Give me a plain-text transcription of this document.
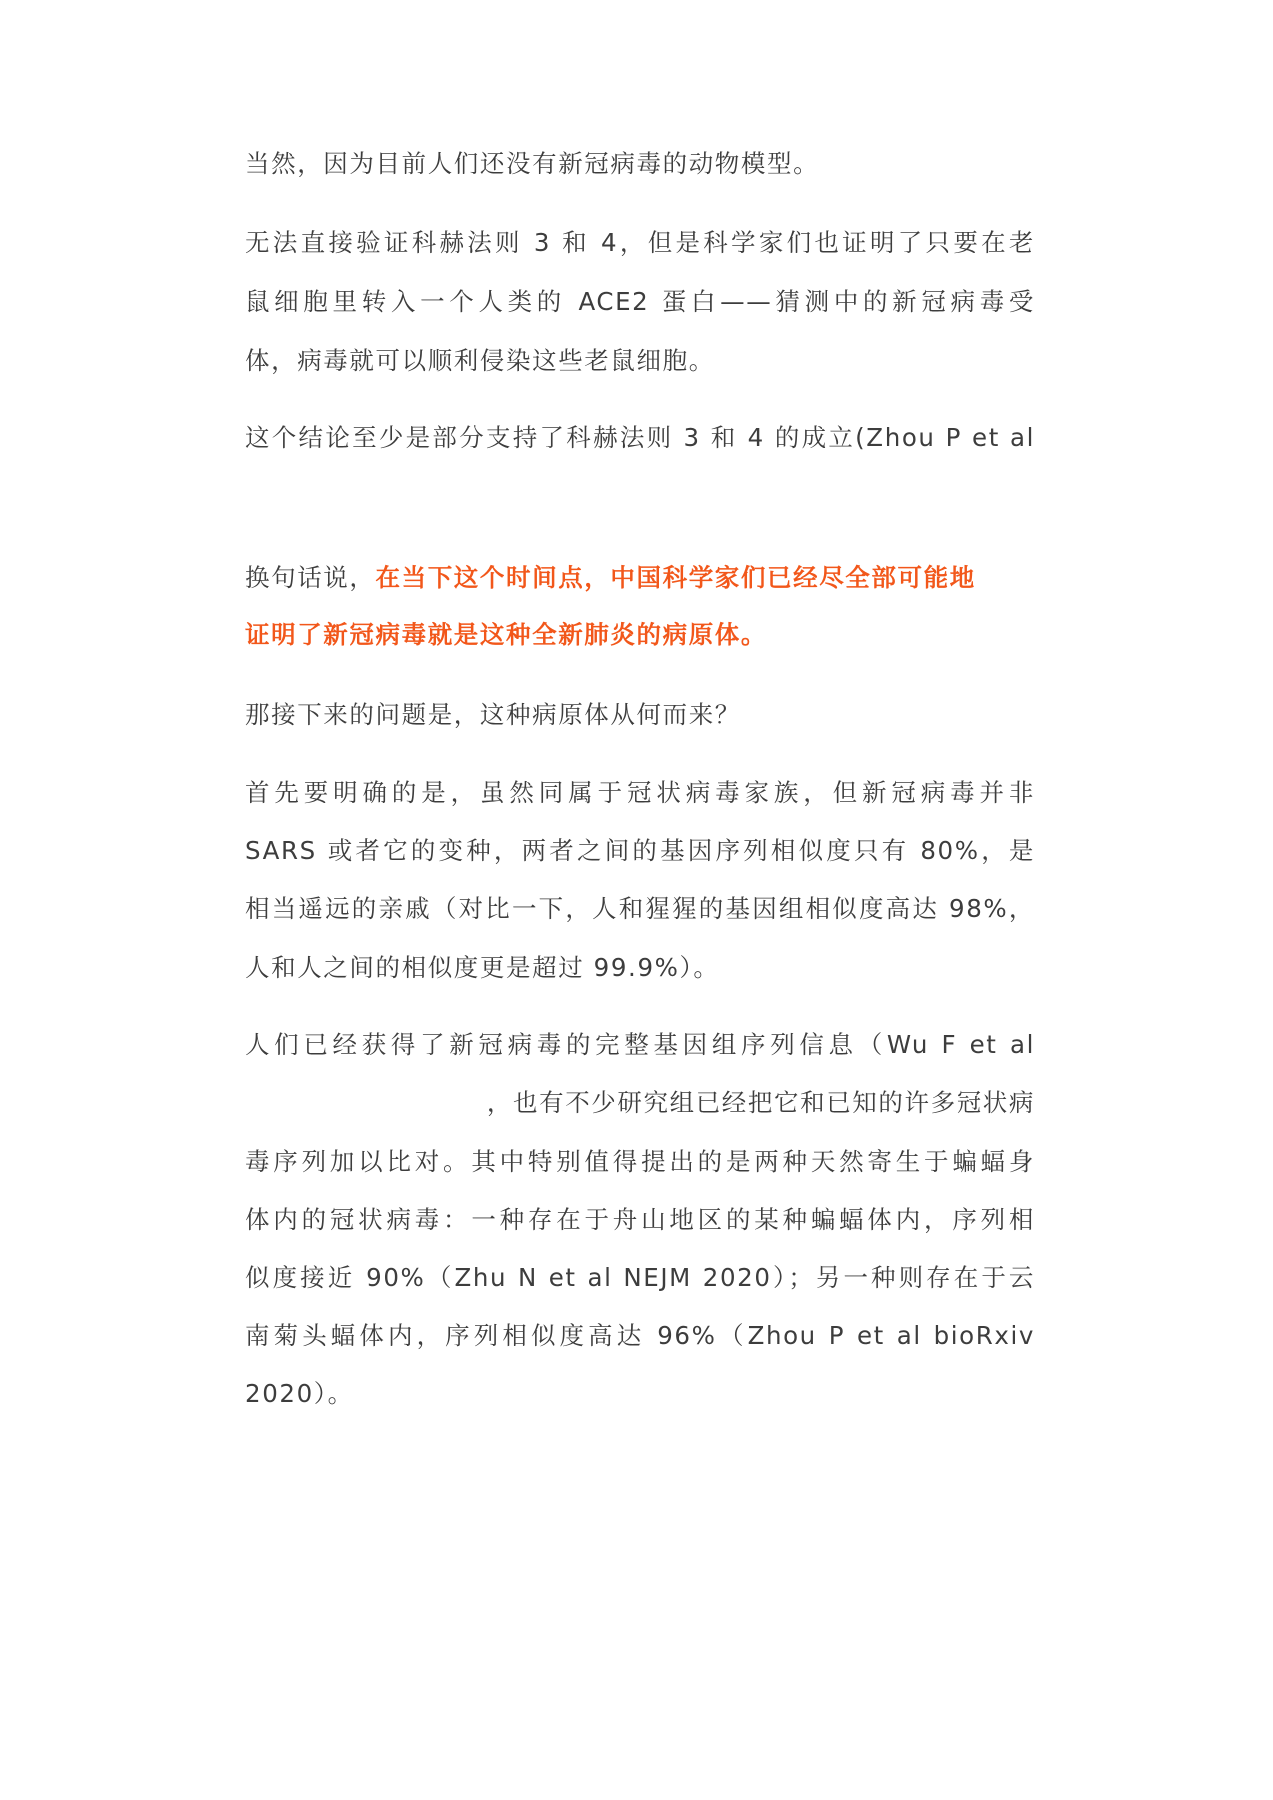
当然，因为目前人们还没有新冠病毒的动物模型。
无法直接验证科赫法则 3 和 4，但是科学家们也证明了只要在老
鼠细胞里转入一个人类的 ACE2 蛋白——猜测中的新冠病毒受
体，病毒就可以顺利侵染这些老鼠细胞。
这个结论至少是部分支持了科赫法则 3 和 4 的成立(Zhou P et al
换句话说，在当下这个时间点，中国科学家们已经尽全部可能地
证明了新冠病毒就是这种全新肺炎的病原体。
那接下来的问题是，这种病原体从何而来？
首先要明确的是，虽然同属于冠状病毒家族，但新冠病毒并非
SARS 或者它的变种，两者之间的基因序列相似度只有 80%，是
相当遥远的亲戚（对比一下，人和猩猩的基因组相似度高达 98%，
人和人之间的相似度更是超过 99.9%）。
人们已经获得了新冠病毒的完整基因组序列信息（Wu F et al
，也有不少研究组已经把它和已知的许多冠状病
毒序列加以比对。其中特别值得提出的是两种天然寄生于蝙蝠身
体内的冠状病毒：一种存在于舟山地区的某种蝙蝠体内，序列相
似度接近 90%（Zhu N et al NEJM 2020）；另一种则存在于云
南菊头蝠体内，序列相似度高达 96%（Zhou P et al bioRxiv
2020）。
